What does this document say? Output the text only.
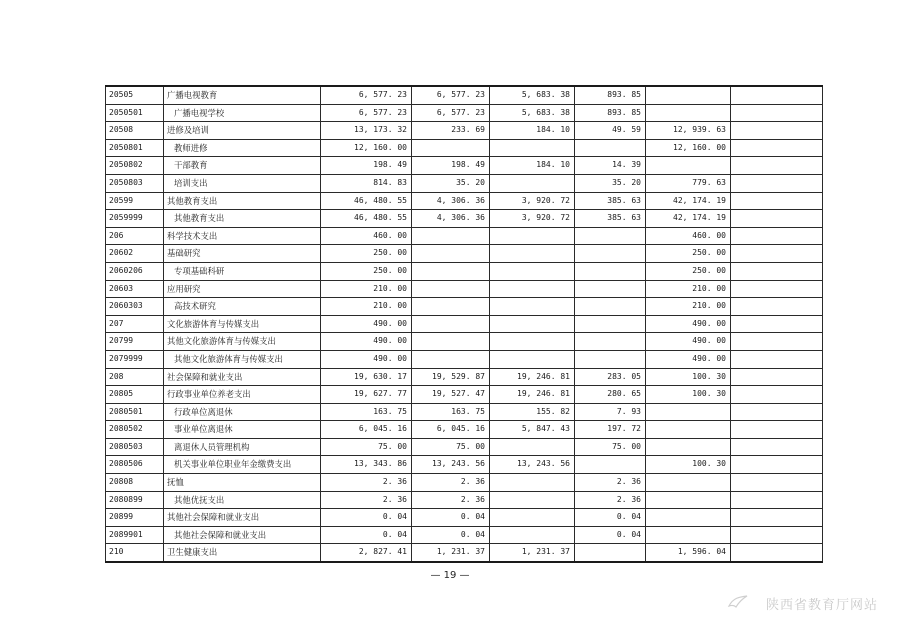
20505	广播电视教育	6, 577. 23	6, 577. 23	5, 683. 38	893. 85		
2050501	广播电视学校	6, 577. 23	6, 577. 23	5, 683. 38	893. 85		
20508	进修及培训	13, 173. 32	233. 69	184. 10	49. 59	12, 939. 63	
2050801	教师进修	12, 160. 00				12, 160. 00	
2050802	干部教育	198. 49	198. 49	184. 10	14. 39		
2050803	培训支出	814. 83	35. 20		35. 20	779. 63	
20599	其他教育支出	46, 480. 55	4, 306. 36	3, 920. 72	385. 63	42, 174. 19	
2059999	其他教育支出	46, 480. 55	4, 306. 36	3, 920. 72	385. 63	42, 174. 19	
206	科学技术支出	460. 00				460. 00	
20602	基础研究	250. 00				250. 00	
2060206	专项基础科研	250. 00				250. 00	
20603	应用研究	210. 00				210. 00	
2060303	高技术研究	210. 00				210. 00	
207	文化旅游体育与传媒支出	490. 00				490. 00	
20799	其他文化旅游体育与传媒支出	490. 00				490. 00	
2079999	其他文化旅游体育与传媒支出	490. 00				490. 00	
208	社会保障和就业支出	19, 630. 17	19, 529. 87	19, 246. 81	283. 05	100. 30	
20805	行政事业单位养老支出	19, 627. 77	19, 527. 47	19, 246. 81	280. 65	100. 30	
2080501	行政单位离退休	163. 75	163. 75	155. 82	7. 93		
2080502	事业单位离退休	6, 045. 16	6, 045. 16	5, 847. 43	197. 72		
2080503	离退休人员管理机构	75. 00	75. 00		75. 00		
2080506	机关事业单位职业年金缴费支出	13, 343. 86	13, 243. 56	13, 243. 56		100. 30	
20808	抚恤	2. 36	2. 36		2. 36		
2080899	其他优抚支出	2. 36	2. 36		2. 36		
20899	其他社会保障和就业支出	0. 04	0. 04		0. 04		
2089901	其他社会保障和就业支出	0. 04	0. 04		0. 04		
210	卫生健康支出	2, 827. 41	1, 231. 37	1, 231. 37		1, 596. 04	
— 19 —
陕西省教育厅网站
